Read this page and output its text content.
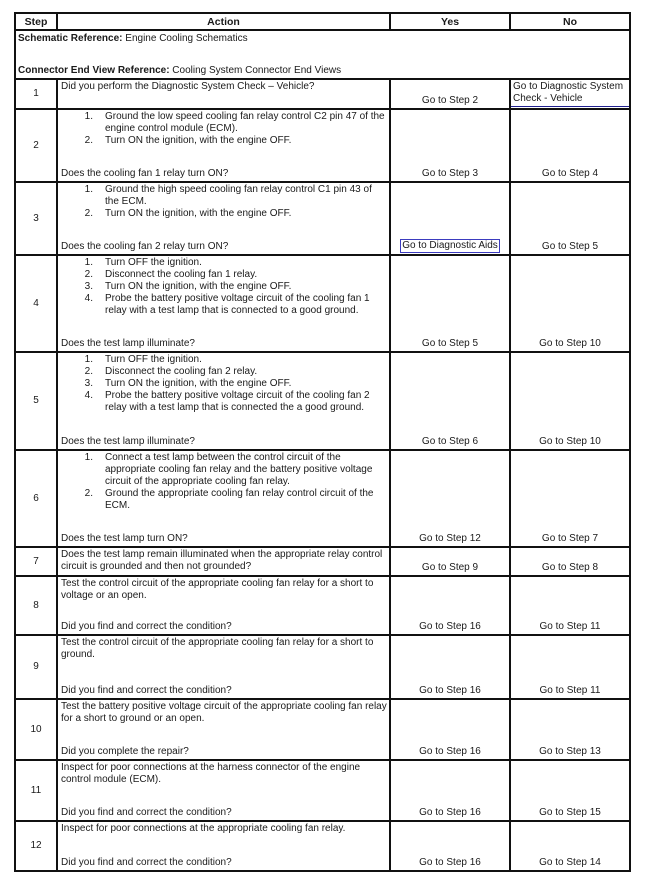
Step	Action	Yes	No

Schematic Reference: Engine Cooling Schematics
Connector End View Reference: Cooling System Connector End Views			

1	Did you perform the Diagnostic System Check – Vehicle?	Go to Step 2	Go to Diagnostic System Check - Vehicle

2	
1.	Ground the low speed cooling fan relay control C2 pin 47 of the engine control module (ECM).
2.	Turn ON the ignition, with the engine OFF.
Does the cooling fan 1 relay turn ON?	Go to Step 3	Go to Step 4
3	
1.	Ground the high speed cooling fan relay control C1 pin 43 of the ECM.
2.	Turn ON the ignition, with the engine OFF.
Does the cooling fan 2 relay turn ON?	Go to Diagnostic Aids	Go to Step 5
4	
1.	Turn OFF the ignition.
2.	Disconnect the cooling fan 1 relay.
3.	Turn ON the ignition, with the engine OFF.
4.	Probe the battery positive voltage circuit of the cooling fan 1 relay with a test lamp that is connected to a good ground.
Does the test lamp illuminate?	Go to Step 5	Go to Step 10
5	
1.	Turn OFF the ignition.
2.	Disconnect the cooling fan 2 relay.
3.	Turn ON the ignition, with the engine OFF.
4.	Probe the battery positive voltage circuit of the cooling fan 2 relay with a test lamp that is connected the a good ground.
Does the test lamp illuminate?	Go to Step 6	Go to Step 10
6	
1.	Connect a test lamp between the control circuit of the appropriate cooling fan relay and the battery positive voltage circuit of the appropriate cooling fan relay.
2.	Ground the appropriate cooling fan relay control circuit of the ECM.
Does the test lamp turn ON?	Go to Step 12	Go to Step 7
7	Does the test lamp remain illuminated when the appropriate relay control circuit is grounded and then not grounded?	Go to Step 9	Go to Step 8
8	Test the control circuit of the appropriate cooling fan relay for a short to voltage or an open.
Did you find and correct the condition?	Go to Step 16	Go to Step 11
9	Test the control circuit of the appropriate cooling fan relay for a short to ground.
Did you find and correct the condition?	Go to Step 16	Go to Step 11
10	Test the battery positive voltage circuit of the appropriate cooling fan relay for a short to ground or an open.
Did you complete the repair?	Go to Step 16	Go to Step 13
11	Inspect for poor connections at the harness connector of the engine control module (ECM).
Did you find and correct the condition?	Go to Step 16	Go to Step 15
12	Inspect for poor connections at the appropriate cooling fan relay.
Did you find and correct the condition?	Go to Step 16	Go to Step 14
